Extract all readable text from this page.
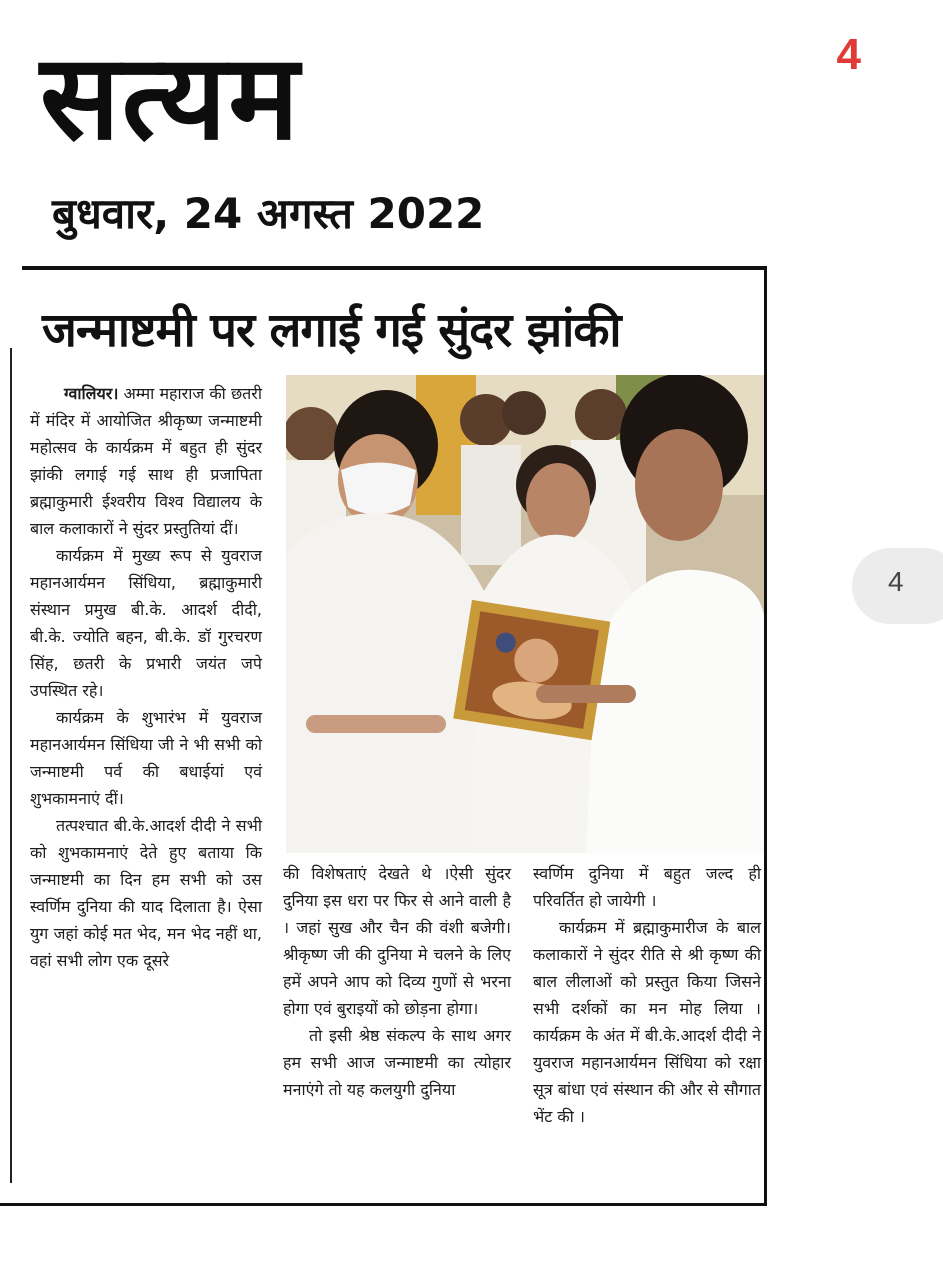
सत्यम	4
बुधवार, 24 अगस्त 2022
जन्माष्टमी पर लगाई गई सुंदर झांकी

ग्वालियर। अम्मा महाराज की छतरी में मंदिर में आयोजित श्रीकृष्ण जन्माष्टमी महोत्सव के कार्यक्रम में बहुत ही सुंदर झांकी लगाई गई साथ ही प्रजापिता ब्रह्माकुमारी ईश्वरीय विश्व विद्यालय के बाल कलाकारों ने सुंदर प्रस्तुतियां दीं।

कार्यक्रम में मुख्य रूप से युवराज महानआर्यमन सिंधिया, ब्रह्माकुमारी संस्थान प्रमुख बी.के. आदर्श दीदी, बी.के. ज्योति बहन, बी.के. डॉ गुरचरण सिंह, छतरी के प्रभारी जयंत जपे उपस्थित रहे।

कार्यक्रम के शुभारंभ में युवराज महानआर्यमन सिंधिया जी ने भी सभी को जन्माष्टमी पर्व की बधाईयां एवं शुभकामनाएं दीं।

तत्पश्चात बी.के.आदर्श दीदी ने सभी को शुभकामनाएं देते हुए बताया कि जन्माष्टमी का दिन हम सभी को उस स्वर्णिम दुनिया की याद दिलाता है। ऐसा युग जहां कोई मत भेद, मन भेद नहीं था, वहां सभी लोग एक दूसरे

की विशेषताएं देखते थे ।ऐसी सुंदर दुनिया इस धरा पर फिर से आने वाली है । जहां सुख और चैन की वंशी बजेगी। श्रीकृष्ण जी की दुनिया मे चलने के लिए हमें अपने आप को दिव्य गुणों से भरना होगा एवं बुराइयों को छोड़ना होगा।

तो इसी श्रेष्ठ संकल्प के साथ अगर हम सभी आज जन्माष्टमी का त्योहार मनाएंगे तो यह कलयुगी दुनिया

स्वर्णिम दुनिया में बहुत जल्द ही परिवर्तित हो जायेगी ।

कार्यक्रम में ब्रह्माकुमारीज के बाल कलाकारों ने सुंदर रीति से श्री कृष्ण की बाल लीलाओं को प्रस्तुत किया जिसने सभी दर्शकों का मन मोह लिया । कार्यक्रम के अंत में बी.के.आदर्श दीदी ने युवराज महानआर्यमन सिंधिया को रक्षा सूत्र बांधा एवं संस्थान की और से सौगात भेंट की ।

4
